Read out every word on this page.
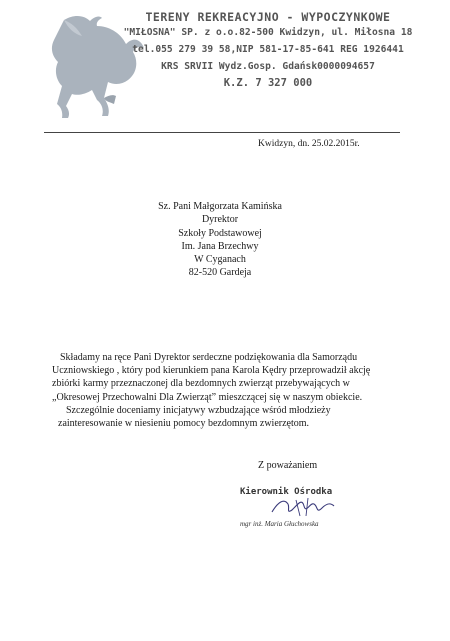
TERENY REKREACYJNO - WYPOCZYNKOWE
"MIŁOSNA" SP. z o.o.82-500 Kwidzyn, ul. Miłosna 18
tel.055 279 39 58,NIP 581-17-85-641 REG 1926441
KRS SRVII Wydz.Gosp. Gdańsk0000094657
K.Z. 7 327 000
Kwidzyn, dn. 25.02.2015r.
Sz. Pani Małgorzata Kamińska
Dyrektor
Szkoły Podstawowej
Im. Jana Brzechwy
W Cyganach
82-520 Gardeja
Składamy na ręce Pani Dyrektor serdeczne podziękowania dla Samorządu
Uczniowskiego , który pod kierunkiem pana Karola Kędry przeprowadził akcję
zbiórki karmy przeznaczonej dla bezdomnych zwierząt przebywających w
„Okresowej Przechowalni Dla Zwierząt” mieszczącej się w naszym obiekcie.
Szczególnie doceniamy inicjatywy wzbudzające wśród młodzieży
zainteresowanie w niesieniu pomocy bezdomnym zwierzętom.
Z poważaniem
Kierownik Ośrodka
mgr inż. Maria Głuchowska
